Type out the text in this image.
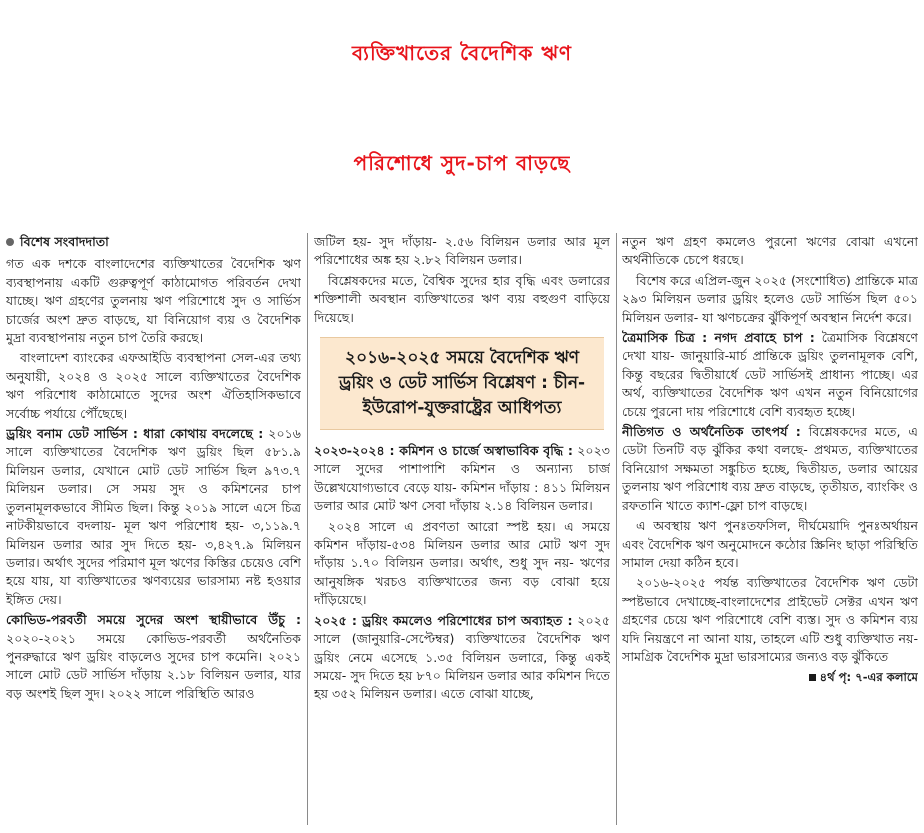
ব্যক্তিখাতের বৈদেশিক ঋণ
পরিশোধে সুদ-চাপ বাড়ছে
বিশেষ সংবাদদাতা

গত এক দশকে বাংলাদেশের ব্যক্তিখাতের বৈদেশিক ঋণ ব্যবস্থাপনায় একটি গুরুত্বপূর্ণ কাঠামোগত পরিবর্তন দেখা যাচ্ছে। ঋণ গ্রহণের তুলনায় ঋণ পরিশোধে সুদ ও সার্ভিস চার্জের অংশ দ্রুত বাড়ছে, যা বিনিয়োগ ব্যয় ও বৈদেশিক মুদ্রা ব্যবস্থাপনায় নতুন চাপ তৈরি করছে।

বাংলাদেশ ব্যাংকের এফআইডি ব্যবস্থাপনা সেল-এর তথ্য অনুযায়ী, ২০২৪ ও ২০২৫ সালে ব্যক্তিখাতের বৈদেশিক ঋণ পরিশোধ কাঠামোতে সুদের অংশ ঐতিহাসিকভাবে সর্বোচ্চ পর্যায়ে পৌঁছেছে।

ড্রয়িং বনাম ডেট সার্ভিস : ধারা কোথায় বদলেছে : ২০১৬ সালে ব্যক্তিখাতের বৈদেশিক ঋণ ড্রয়িং ছিল ৫৮১.৯ মিলিয়ন ডলার, যেখানে মোট ডেট সার্ভিস ছিল ৯৭৩.৭ মিলিয়ন ডলার। সে সময় সুদ ও কমিশনের চাপ তুলনামূলকভাবে সীমিত ছিল। কিন্তু ২০১৯ সালে এসে চিত্র নাটকীয়ভাবে বদলায়- মূল ঋণ পরিশোধ হয়- ৩,১১৯.৭ মিলিয়ন ডলার আর সুদ দিতে হয়- ৩,৪২৭.৯ মিলিয়ন ডলার। অর্থাৎ সুদের পরিমাণ মূল ঋণের কিস্তির চেয়েও বেশি হয়ে যায়, যা ব্যক্তিখাতের ঋণব্যয়ের ভারসাম্য নষ্ট হওয়ার ইঙ্গিত দেয়।

কোভিড-পরবর্তী সময়ে সুদের অংশ স্থায়ীভাবে উঁচু : ২০২০-২০২১ সময়ে কোভিড-পরবর্তী অর্থনৈতিক পুনরুদ্ধারে ঋণ ড্রয়িং বাড়লেও সুদের চাপ কমেনি। ২০২১ সালে মোট ডেট সার্ভিস দাঁড়ায় ২.১৮ বিলিয়ন ডলার, যার বড় অংশই ছিল সুদ। ২০২২ সালে পরিস্থিতি আরও

জটিল হয়- সুদ দাঁড়ায়- ২.৫৬ বিলিয়ন ডলার আর মূল পরিশোধের অঙ্ক হয় ২.৮২ বিলিয়ন ডলার।

বিশ্লেষকদের মতে, বৈশ্বিক সুদের হার বৃদ্ধি এবং ডলারের শক্তিশালী অবস্থান ব্যক্তিখাতের ঋণ ব্যয় বহুগুণ বাড়িয়ে দিয়েছে।

২০১৬-২০২৫ সময়ে বৈদেশিক ঋণ ড্রয়িং ও ডেট সার্ভিস বিশ্লেষণ : চীন-ইউরোপ-যুক্তরাষ্ট্রের আধিপত্য

২০২৩-২০২৪ : কমিশন ও চার্জে অস্বাভাবিক বৃদ্ধি : ২০২৩ সালে সুদের পাশাপাশি কমিশন ও অন্যান্য চার্জ উল্লেখযোগ্যভাবে বেড়ে যায়- কমিশন দাঁড়ায় : ৪১১ মিলিয়ন ডলার আর মোট ঋণ সেবা দাঁড়ায় ২.১৪ বিলিয়ন ডলার।

২০২৪ সালে এ প্রবণতা আরো স্পষ্ট হয়। এ সময়ে কমিশন দাঁড়ায়-৫৩৪ মিলিয়ন ডলার আর মোট ঋণ সুদ দাঁড়ায় ১.৭০ বিলিয়ন ডলার। অর্থাৎ, শুধু সুদ নয়- ঋণের আনুষঙ্গিক খরচও ব্যক্তিখাতের জন্য বড় বোঝা হয়ে দাঁড়িয়েছে।

২০২৫ : ড্রয়িং কমলেও পরিশোধের চাপ অব্যাহত : ২০২৫ সালে (জানুয়ারি-সেপ্টেম্বর) ব্যক্তিখাতের বৈদেশিক ঋণ ড্রয়িং নেমে এসেছে ১.৩৫ বিলিয়ন ডলারে, কিন্তু একই সময়ে- সুদ দিতে হয় ৮৭০ মিলিয়ন ডলার আর কমিশন দিতে হয় ৩৫২ মিলিয়ন ডলার। এতে বোঝা যাচ্ছে,

নতুন ঋণ গ্রহণ কমলেও পুরনো ঋণের বোঝা এখনো অর্থনীতিকে চেপে ধরছে।

বিশেষ করে এপ্রিল-জুন ২০২৫ (সংশোধিত) প্রান্তিকে মাত্র ২৯৩ মিলিয়ন ডলার ড্রয়িং হলেও ডেট সার্ভিস ছিল ৫০১ মিলিয়ন ডলার- যা ঋণচক্রের ঝুঁকিপূর্ণ অবস্থান নির্দেশ করে।

ত্রৈমাসিক চিত্র : নগদ প্রবাহে চাপ : ত্রৈমাসিক বিশ্লেষণে দেখা যায়- জানুয়ারি-মার্চ প্রান্তিকে ড্রয়িং তুলনামূলক বেশি, কিন্তু বছরের দ্বিতীয়ার্ধে ডেট সার্ভিসই প্রাধান্য পাচ্ছে। এর অর্থ, ব্যক্তিখাতের বৈদেশিক ঋণ এখন নতুন বিনিয়োগের চেয়ে পুরনো দায় পরিশোধে বেশি ব্যবহৃত হচ্ছে।

নীতিগত ও অর্থনৈতিক তাৎপর্য : বিশ্লেষকদের মতে, এ ডেটা তিনটি বড় ঝুঁকির কথা বলছে- প্রথমত, ব্যক্তিখাতের বিনিয়োগ সক্ষমতা সঙ্কুচিত হচ্ছে, দ্বিতীয়ত, ডলার আয়ের তুলনায় ঋণ পরিশোধ ব্যয় দ্রুত বাড়ছে, তৃতীয়ত, ব্যাংকিং ও রফতানি খাতে ক্যাশ-ফ্লো চাপ বাড়ছে।

এ অবস্থায় ঋণ পুনঃতফসিল, দীর্ঘমেয়াদি পুনঃঅর্থায়ন এবং বৈদেশিক ঋণ অনুমোদনে কঠোর স্ক্রিনিং ছাড়া পরিস্থিতি সামাল দেয়া কঠিন হবে।

২০১৬-২০২৫ পর্যন্ত ব্যক্তিখাতের বৈদেশিক ঋণ ডেটা স্পষ্টভাবে দেখাচ্ছে-বাংলাদেশের প্রাইভেট সেক্টর এখন ঋণ গ্রহণের চেয়ে ঋণ পরিশোধে বেশি ব্যস্ত। সুদ ও কমিশন ব্যয় যদি নিয়ন্ত্রণে না আনা যায়, তাহলে এটি শুধু ব্যক্তিখাত নয়- সামগ্রিক বৈদেশিক মুদ্রা ভারসাম্যের জন্যও বড় ঝুঁকিতে

৪র্থ পৃ: ৭-এর কলামে
